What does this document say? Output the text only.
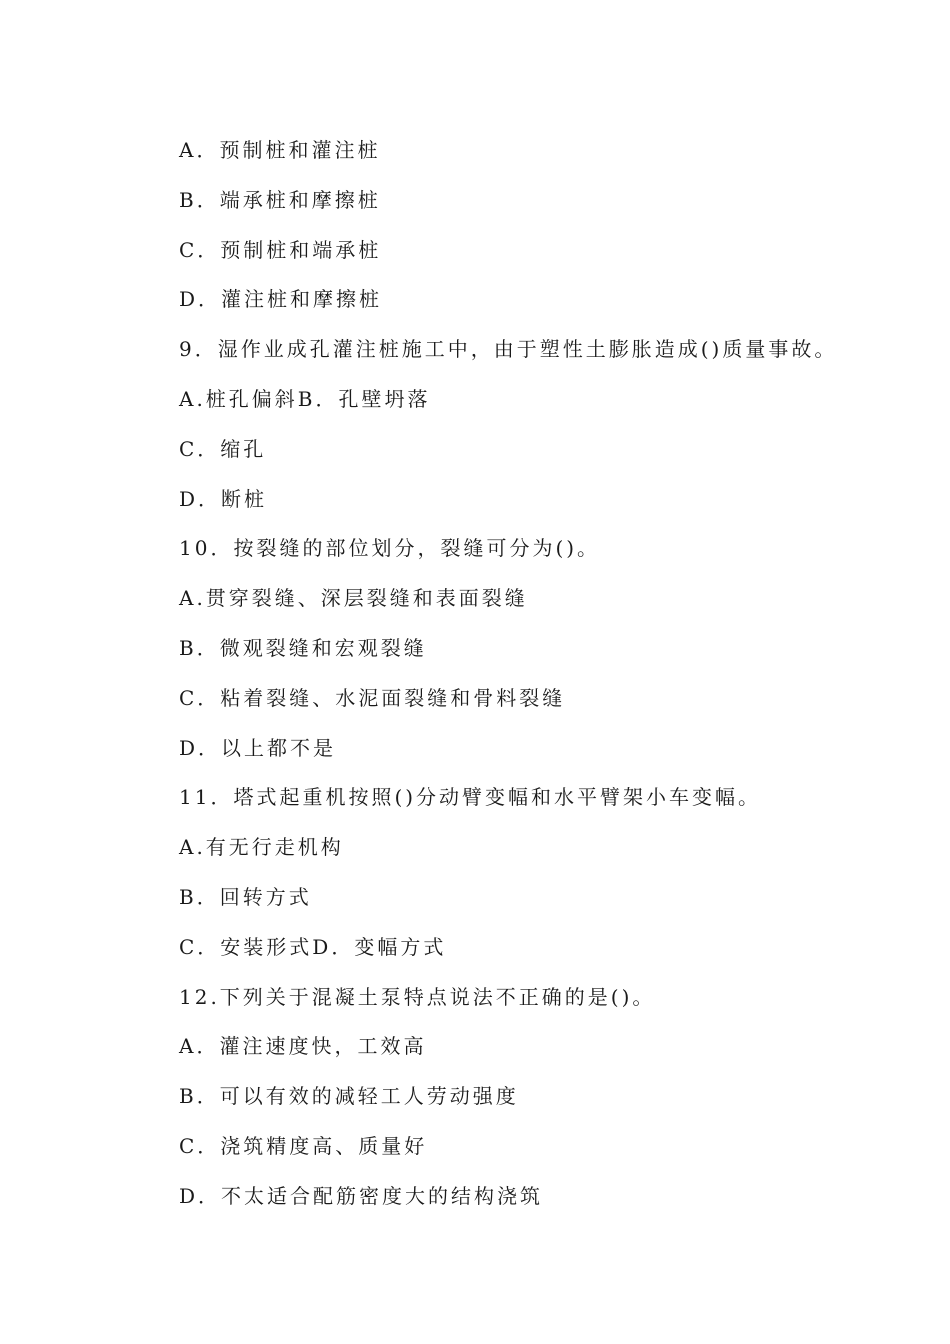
A．预制桩和灌注桩
B．端承桩和摩擦桩
C．预制桩和端承桩
D．灌注桩和摩擦桩
9．湿作业成孔灌注桩施工中，由于塑性土膨胀造成()质量事故。
A.桩孔偏斜B．孔壁坍落
C．缩孔
D．断桩
10．按裂缝的部位划分，裂缝可分为()。
A.贯穿裂缝、深层裂缝和表面裂缝
B．微观裂缝和宏观裂缝
C．粘着裂缝、水泥面裂缝和骨料裂缝
D．以上都不是
11．塔式起重机按照()分动臂变幅和水平臂架小车变幅。
A.有无行走机构
B．回转方式
C．安装形式D．变幅方式
12.下列关于混凝土泵特点说法不正确的是()。
A．灌注速度快，工效高
B．可以有效的减轻工人劳动强度
C．浇筑精度高、质量好
D．不太适合配筋密度大的结构浇筑
